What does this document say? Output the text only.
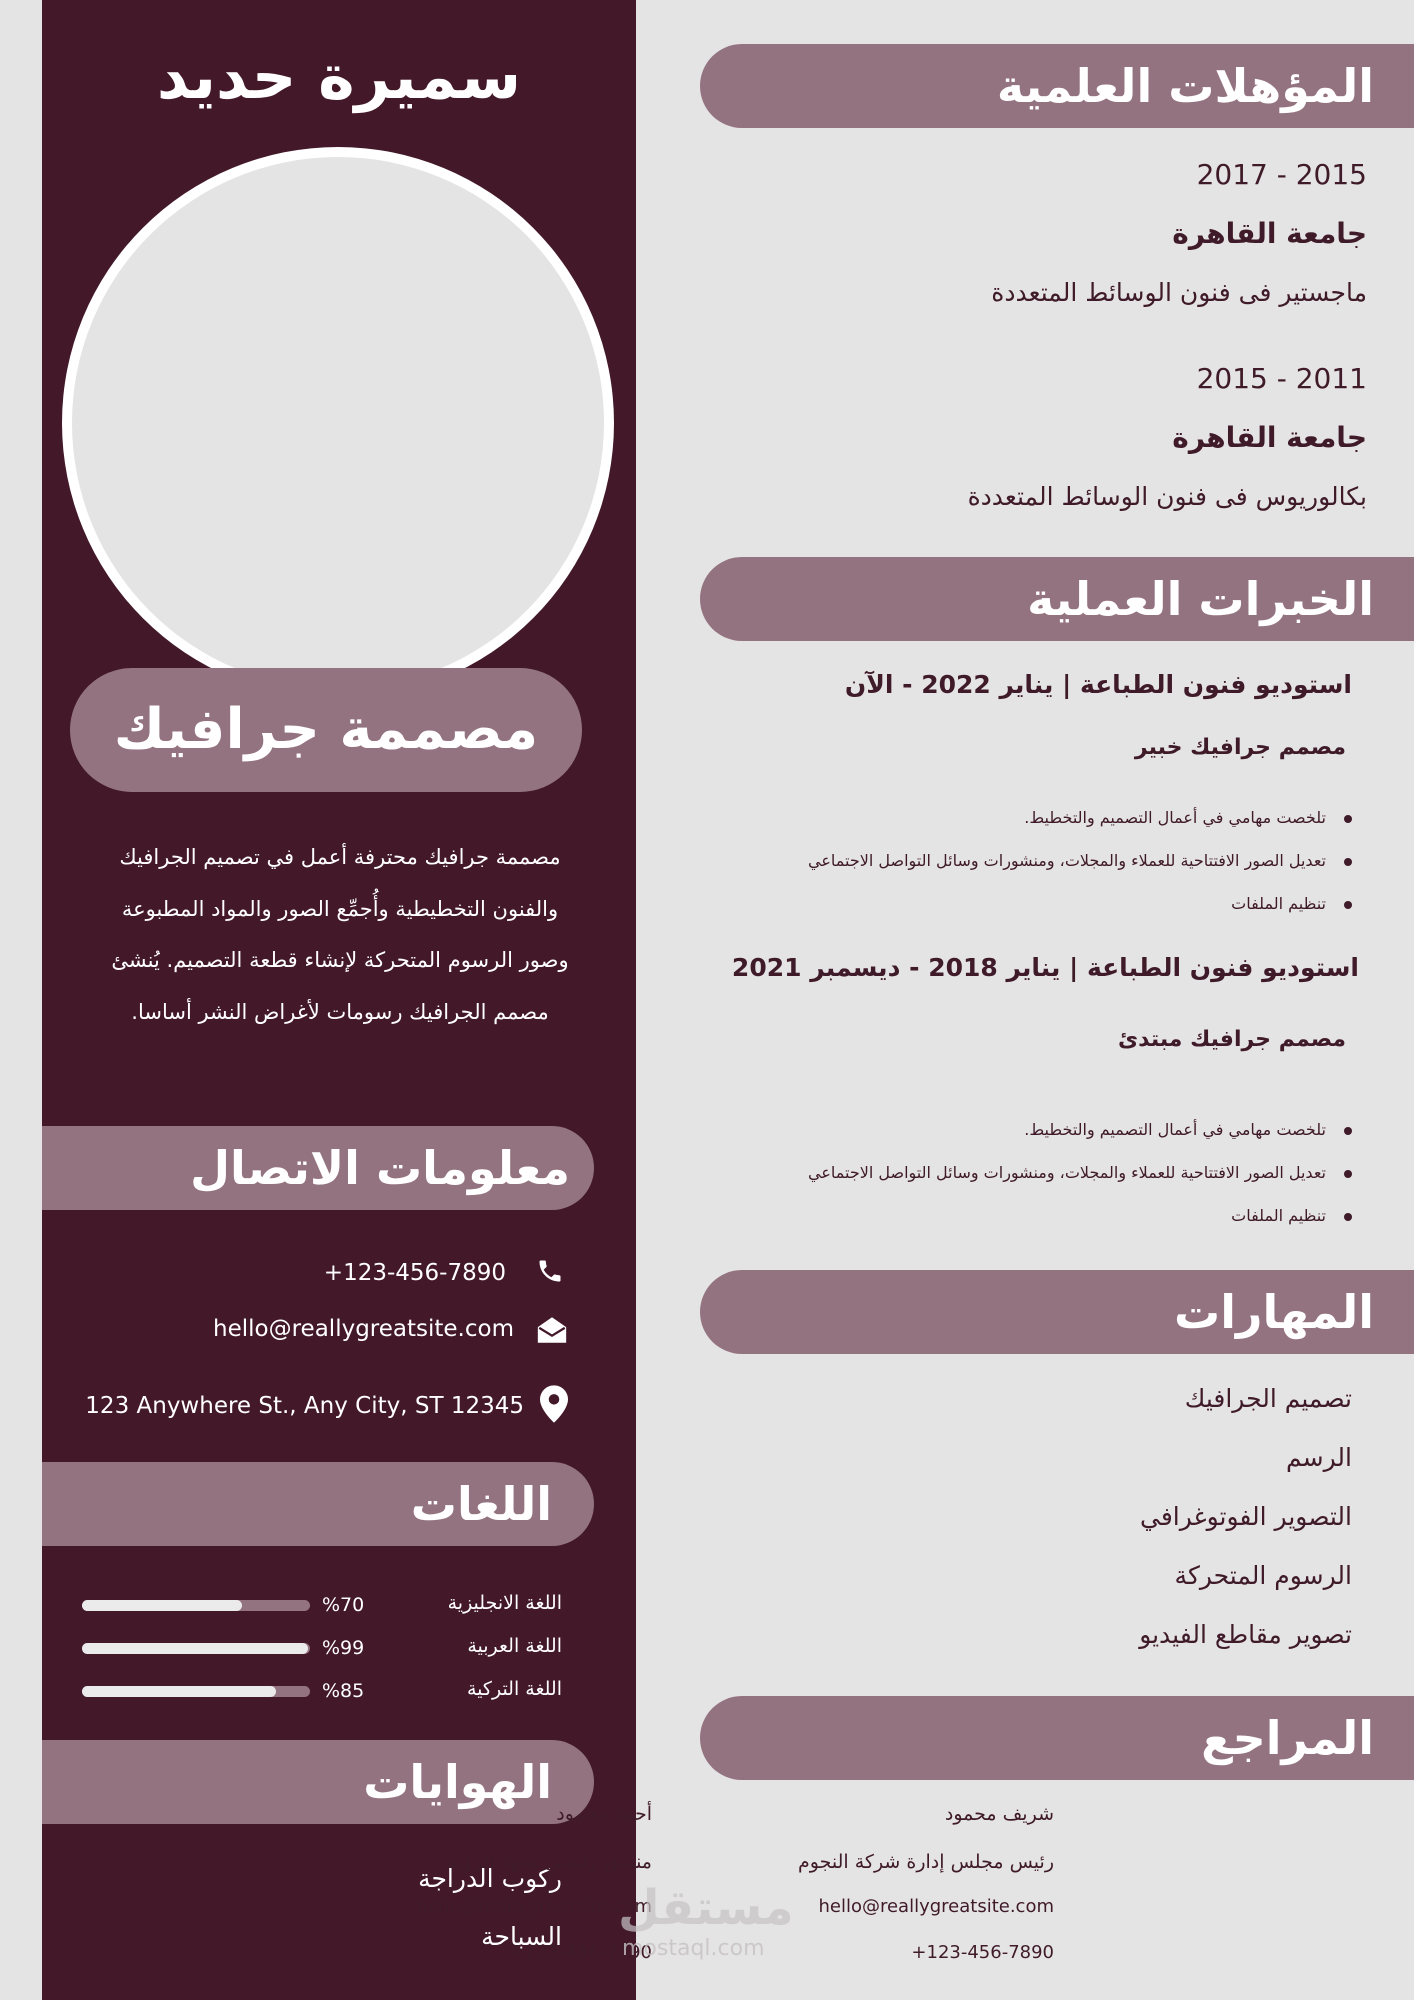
سميرة حديد
مصممة جرافيك
مصممة جرافيك محترفة أعمل في تصميم الجرافيك والفنون التخطيطية وأُجمِّع الصور والمواد المطبوعة وصور الرسوم المتحركة لإنشاء قطعة التصميم. يُنشئ مصمم الجرافيك رسومات لأغراض النشر أساسا.
معلومات الاتصال
+123-456-7890
hello@reallygreatsite.com
123 Anywhere St., Any City, ST 12345
اللغات
اللغة الانجليزية
%70
اللغة العربية
%99
اللغة التركية
%85
الهوايات
ركوب الدراجة
السباحة
المؤهلات العلمية
2015 - 2017
جامعة القاهرة
ماجستير فى فنون الوسائط المتعددة
2011 - 2015
جامعة القاهرة
بكالوريوس فى فنون الوسائط المتعددة
الخبرات العملية
استوديو فنون الطباعة | يناير 2022 - الآن
مصمم جرافيك خبير
تلخصت مهامي في أعمال التصميم والتخطيط.
تعديل الصور الافتتاحية للعملاء والمجلات، ومنشورات وسائل التواصل الاجتماعي
تنظيم الملفات
استوديو فنون الطباعة | يناير 2018 - ديسمبر 2021
مصمم جرافيك مبتدئ
تلخصت مهامي في أعمال التصميم والتخطيط.
تعديل الصور الافتتاحية للعملاء والمجلات، ومنشورات وسائل التواصل الاجتماعي
تنظيم الملفات
المهارات
تصميم الجرافيك
الرسم
التصوير الفوتوغرافي
الرسوم المتحركة
تصوير مقاطع الفيديو
المراجع
شريف محمود
رئيس مجلس إدارة شركة النجوم
hello@reallygreatsite.com
+123-456-7890
أحمد محمود
منسق رئيسي معهد الرؤية
hello@reallygreatsite.com
+123-456-7890
مستقل
mostaql.com
